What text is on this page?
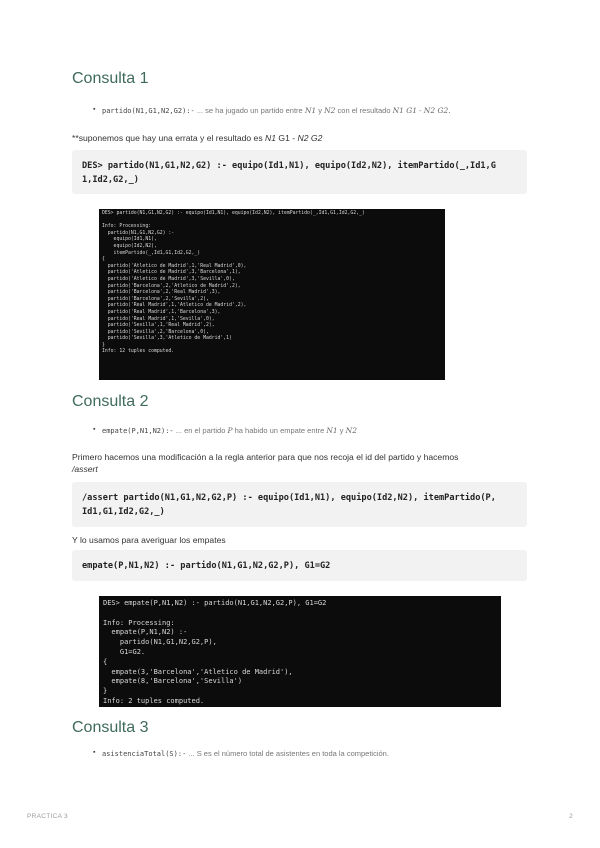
Consulta 1
▪ partido(N1,G1,N2,G2):- ... se ha jugado un partido entre N1 y N2 con el resultado N1 G1 - N2 G2.
**suponemos que hay una errata y el resultado es N1 G1 - N2 G2
DES> partido(N1,G1,N2,G2) :- equipo(Id1,N1), equipo(Id2,N2), itemPartido(_,Id1,G
1,Id2,G2,_)
DES> partido(N1,G1,N2,G2) :- equipo(Id1,N1), equipo(Id2,N2), itemPartido(_,Id1,G1,Id2,G2,_)

Info: Processing:
partido(N1,G1,N2,G2) :-
equipo(Id1,N1),
equipo(Id2,N2),
itemPartido(_,Id1,G1,Id2,G2,_)
{
partido('Atletico de Madrid',1,'Real Madrid',0),
partido('Atletico de Madrid',3,'Barcelona',1),
partido('Atletico de Madrid',3,'Sevilla',0),
partido('Barcelona',2,'Atletico de Madrid',2),
partido('Barcelona',2,'Real Madrid',3),
partido('Barcelona',2,'Sevilla',2),
partido('Real Madrid',1,'Atletico de Madrid',2),
partido('Real Madrid',1,'Barcelona',3),
partido('Real Madrid',1,'Sevilla',0),
partido('Sevilla',1,'Real Madrid',2),
partido('Sevilla',2,'Barcelona',0),
partido('Sevilla',3,'Atletico de Madrid',1)
}
Info: 12 tuples computed.
Consulta 2
▪ empate(P,N1,N2):- ... en el partido P ha habido un empate entre N1 y N2
Primero hacemos una modificación a la regla anterior para que nos recoja el id del partido y hacemos
/assert
/assert partido(N1,G1,N2,G2,P) :- equipo(Id1,N1), equipo(Id2,N2), itemPartido(P,
Id1,G1,Id2,G2,_)
Y lo usamos para averiguar los empates
empate(P,N1,N2) :- partido(N1,G1,N2,G2,P), G1=G2
DES> empate(P,N1,N2) :- partido(N1,G1,N2,G2,P), G1=G2

Info: Processing:
empate(P,N1,N2) :-
partido(N1,G1,N2,G2,P),
G1=G2.
{
empate(3,'Barcelona','Atletico de Madrid'),
empate(8,'Barcelona','Sevilla')
}
Info: 2 tuples computed.
Consulta 3
▪ asistenciaTotal(S):- ... S es el número total de asistentes en toda la competición.
PRACTICA 3	2
